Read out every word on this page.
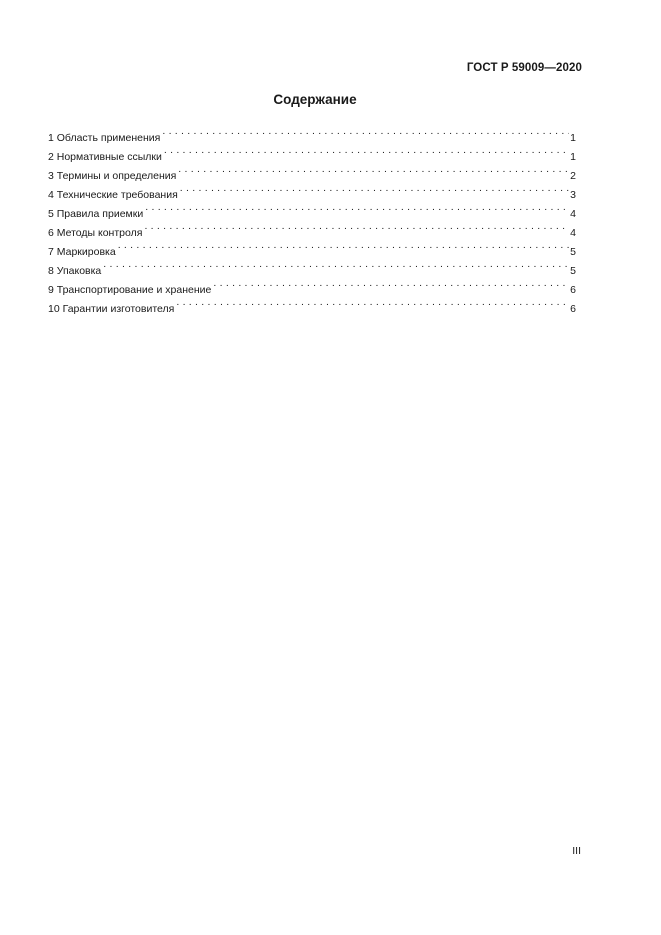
ГОСТ Р 59009—2020
Содержание
1 Область применения . . .	1
2 Нормативные ссылки . . .	1
3 Термины и определения . . .	2
4 Технические требования . . .	3
5 Правила приемки . . .	4
6 Методы контроля . . .	4
7 Маркировка . . .	5
8 Упаковка . . .	5
9 Транспортирование и хранение . . .	6
10 Гарантии изготовителя . . .	6
III
